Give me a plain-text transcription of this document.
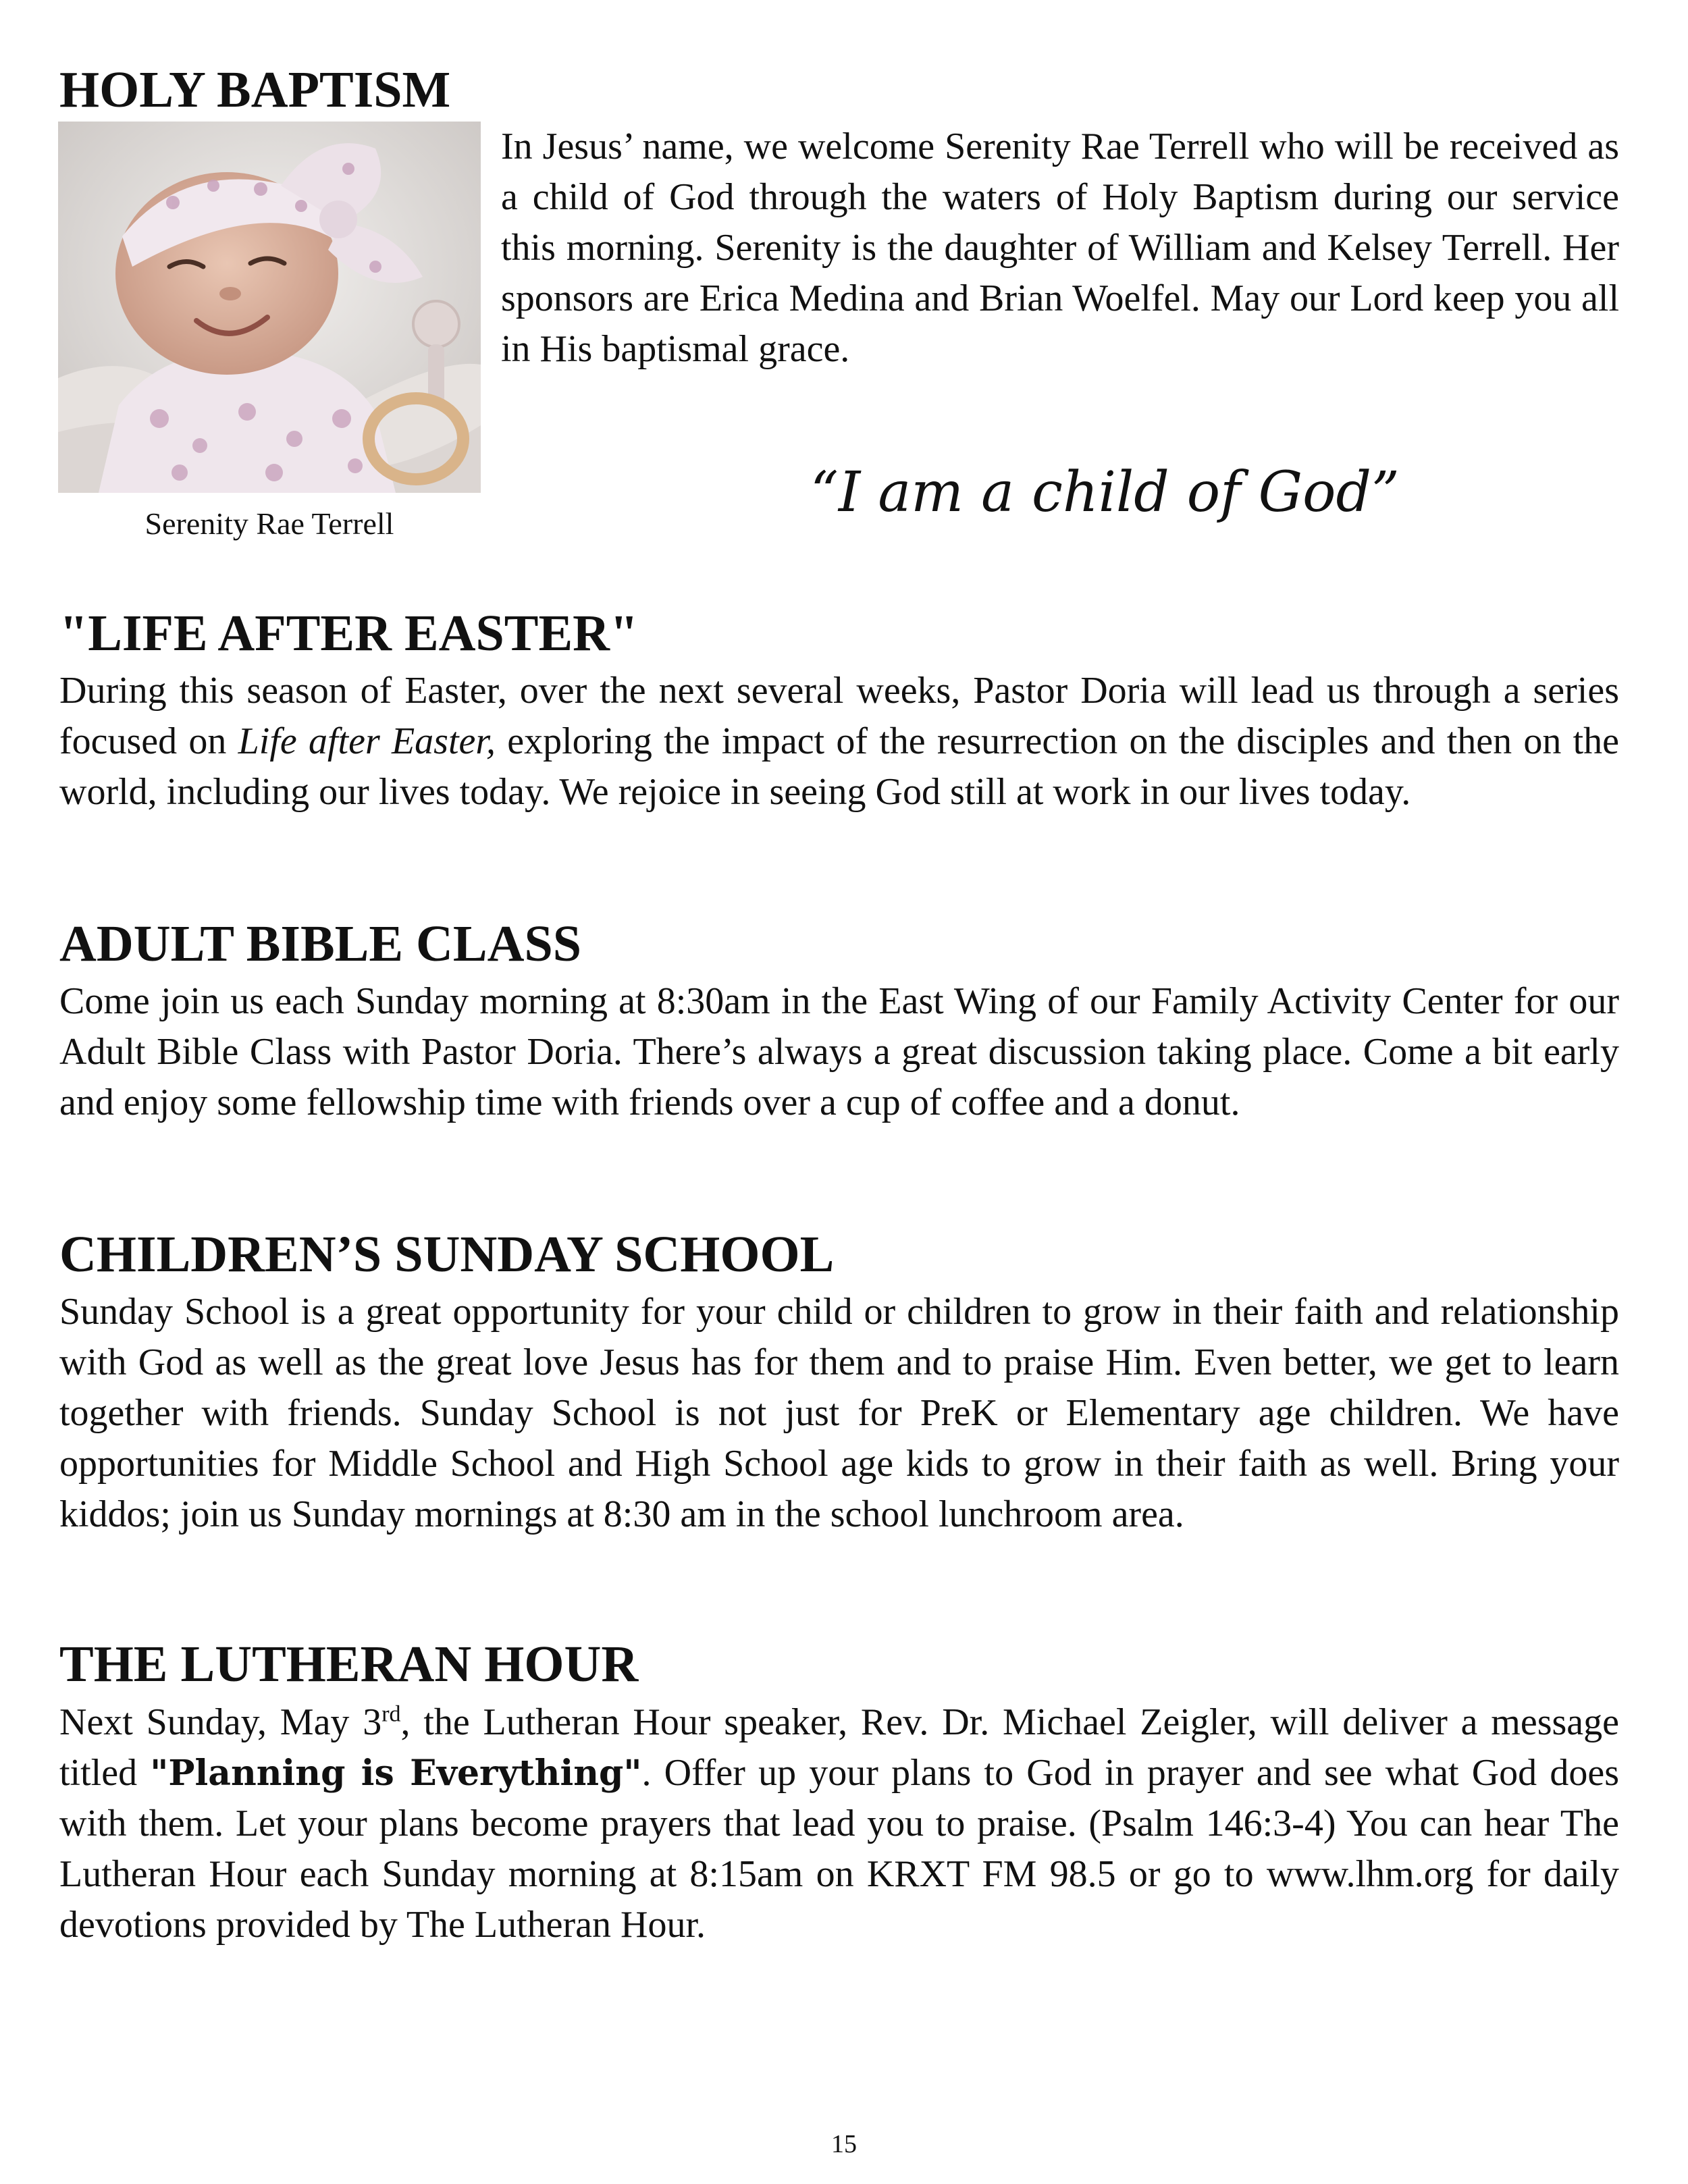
HOLY BAPTISM

In Jesus’ name, we welcome Serenity Rae Terrell who will be received as a child of God through the waters of Holy Baptism during our service this morning. Serenity is the daughter of William and Kelsey Terrell. Her sponsors are Erica Medina and Brian Woelfel. May our Lord keep you all in His baptismal grace.

“I am a child of God”
Serenity Rae Terrell
"LIFE AFTER EASTER"

During this season of Easter, over the next several weeks, Pastor Doria will lead us through a series focused on Life after Easter, exploring the impact of the resurrection on the disciples and then on the world, including our lives today. We rejoice in seeing God still at work in our lives today.

ADULT BIBLE CLASS

Come join us each Sunday morning at 8:30am in the East Wing of our Family Activity Center for our Adult Bible Class with Pastor Doria. There’s always a great discussion taking place. Come a bit early and enjoy some fellowship time with friends over a cup of coffee and a donut.

CHILDREN’S SUNDAY SCHOOL

Sunday School is a great opportunity for your child or children to grow in their faith and relationship with God as well as the great love Jesus has for them and to praise Him. Even better, we get to learn together with friends. Sunday School is not just for PreK or Elementary age children. We have opportunities for Middle School and High School age kids to grow in their faith as well. Bring your kiddos; join us Sunday mornings at 8:30 am in the school lunchroom area.

THE LUTHERAN HOUR

Next Sunday, May 3rd, the Lutheran Hour speaker, Rev. Dr. Michael Zeigler, will deliver a message titled "Planning is Everything". Offer up your plans to God in prayer and see what God does with them. Let your plans become prayers that lead you to praise. (Psalm 146:3-4) You can hear The Lutheran Hour each Sunday morning at 8:15am on KRXT FM 98.5 or go to www.lhm.org for daily devotions provided by The Lutheran Hour.

15
